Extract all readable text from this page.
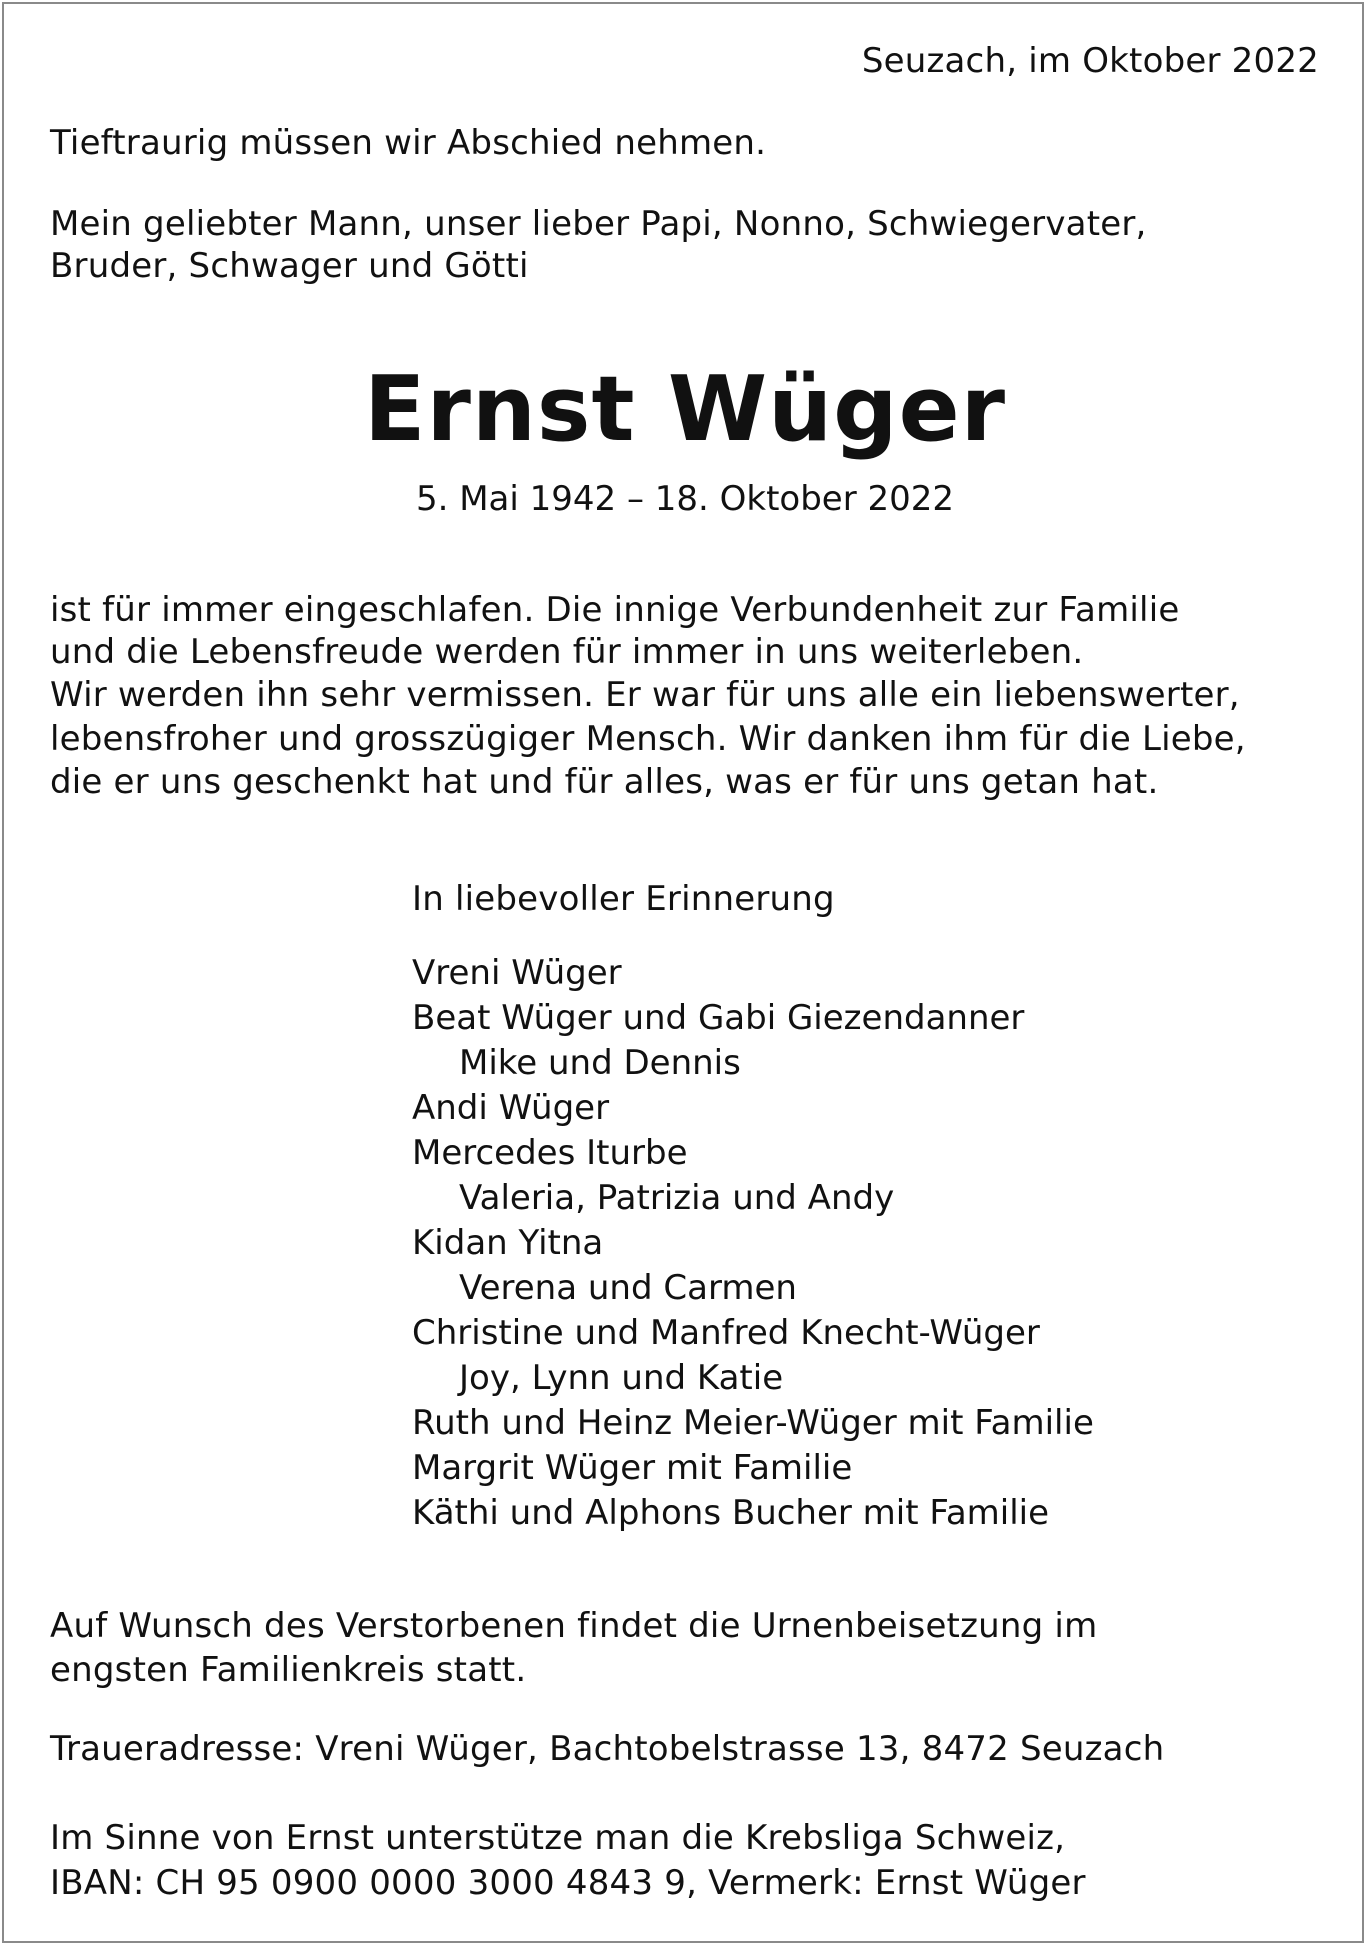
Seuzach, im Oktober 2022

Tieftraurig müssen wir Abschied nehmen.

Mein geliebter Mann, unser lieber Papi, Nonno, Schwiegervater,

Bruder, Schwager und Götti

Ernst Wüger

5. Mai 1942 – 18. Oktober 2022

ist für immer eingeschlafen. Die innige Verbundenheit zur Familie

und die Lebensfreude werden für immer in uns weiterleben.

Wir werden ihn sehr vermissen. Er war für uns alle ein liebenswerter,

lebensfroher und grosszügiger Mensch. Wir danken ihm für die Liebe,

die er uns geschenkt hat und für alles, was er für uns getan hat.

In liebevoller Erinnerung

Vreni Wüger
Beat Wüger und Gabi Giezendanner
Mike und Dennis
Andi Wüger
Mercedes Iturbe
Valeria, Patrizia und Andy
Kidan Yitna
Verena und Carmen
Christine und Manfred Knecht-Wüger
Joy, Lynn und Katie
Ruth und Heinz Meier-Wüger mit Familie
Margrit Wüger mit Familie
Käthi und Alphons Bucher mit Familie

Auf Wunsch des Verstorbenen findet die Urnenbeisetzung im

engsten Familienkreis statt.

Traueradresse: Vreni Wüger, Bachtobelstrasse 13, 8472 Seuzach

Im Sinne von Ernst unterstütze man die Krebsliga Schweiz,

IBAN: CH 95 0900 0000 3000 4843 9, Vermerk: Ernst Wüger
